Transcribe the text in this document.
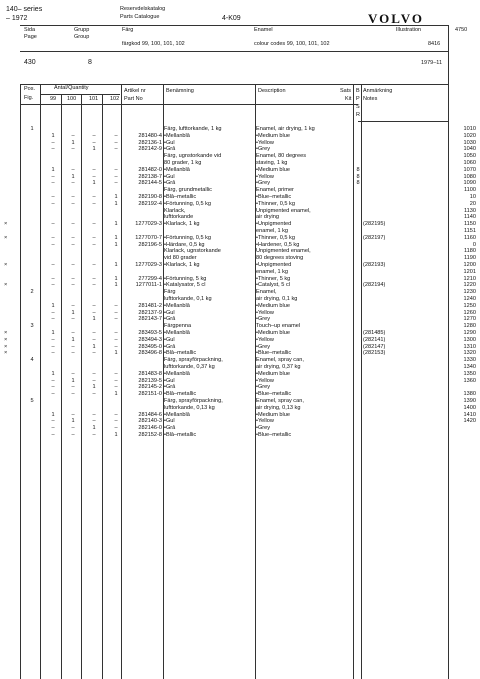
140– series
– 1972
Reservdelskatalog
Parts Catalogue	4-K09	VOLVO
Sida
Page
Grupp
Group
Färg
färgkod 99, 100, 101, 102
Enamel
colour codes 99, 100, 101, 102
Illustration
8416
4750
430	8	1979–11
Pos.
Fig.
Antal/Quantity
99 100 101 102
Artikel nr
Part No
Benämning	Description	Sats
Kit
B
P
S
R
Anmärkning
Notes
1	Färg, luftt​orkande, 1 kg	Enamel, air drying, 1 kg	1010
1	–	–	–	281480-4 •Mellanblå	•Medium blue	1020
–	1	–	–	282136-1 •Gul	•Yellow	1030
–	–	1	–	282142-9 •Grå	•Grey	1040
Färg, ugnstorkande vid	Enamel, 80 degrees	1050
80 grader, 1 kg	staving, 1 kg	1060
1	–	–	–	281482-0 •Mellanblå	•Medium blue	8	1070
–	1	–	–	282138-7 •Gul	•Yellow	8	1080
–	–	1	–	282144-5 •Grå	•Grey	8	1090
Färg, grundmetallic	Enamel, primer	1100
–	–	–	1	282190-8 •Blå–metallic	•Blue–metallic	10
–	–	–	1	282192-4 •Förtunning, 0,5 kg	•Thinner, 0,5 kg	20
Klarlack,	Unpigmented enamel,	1130
lufttorkande	air drying	1140
×	–	–	–	1	1277029-3 •Klarlack, 1 kg	•Unpigmented	(282195)	1150
enamel, 1 kg	1151
×	–	–	–	1	1277070-7 •Förtunning, 0,5 kg	•Thinner, 0,5 kg	(282197)	1160
–	–	–	1	282196-5 •Härdare, 0,5 kg	•Hardener, 0,5 kg	0
Klarlack, ugnstorkande	Unpigmented enamel,	1180
vid 80 grader	80 degrees stoving	1190
×	–	–	–	1	1277029-3 •Klarlack, 1 kg	•Unpigmented	(282193)	1200
enamel, 1 kg	1201
–	–	–	1	277299-4 •Förtunning, 5 kg	•Thinner, 5 kg	1210
×	–	–	–	1	1277011-1 •Katalysator, 5 cl	•Catalyst, 5 cl	(282194)	1220
2	Färg	Enamel,	1230
lufttorkande, 0,1 kg	air drying, 0,1 kg	1240
1	–	–	–	281481-2 •Mellanblå	•Medium blue	1250
–	1	–	–	282137-9 •Gul	•Yellow	1260
–	–	1	–	282143-7 •Grå	•Grey	1270
3	Färgpenna	Touch–up enamel	1280
×	1	–	–	–	283493-5 •Mellanblå	•Medium blue	(281485)	1290
×	–	1	–	–	283494-3 •Gul	•Yellow	(282141)	1300
×	–	–	1	–	283495-0 •Grå	•Grey	(282147)	1310
×	–	–	–	1	283496-8 •Blå–metallic	•Blue–metallic	(282153)	1320
4	Färg, sprayförpackning,	Enamel, spray can,	1330
lufttorkande, 0,37 kg	air drying, 0,37 kg	1340
1	–	–	–	281483-8 •Mellanblå	•Medium blue	1350
–	1	–	–	282139-5 •Gul	•Yellow	1360
–	–	1	–	282145-2 •Grå	•Grey
–	–	–	1	282151-0 •Blå–metallic	•Blue–metallic	1380
5	Färg, sprayförpackning,	Enamel, spray can,	1390
lufttorkande, 0,13 kg	air drying, 0,13 kg	1400
1	–	–	–	281484-6 •Mellanblå	•Medium blue	1410
–	1	–	–	282140-3 •Gul	•Yellow	1420
–	–	1	–	282146-0 •Grå	•Grey
–	–	–	1	282152-8 •Blå–metallic	•Blue–metallic
